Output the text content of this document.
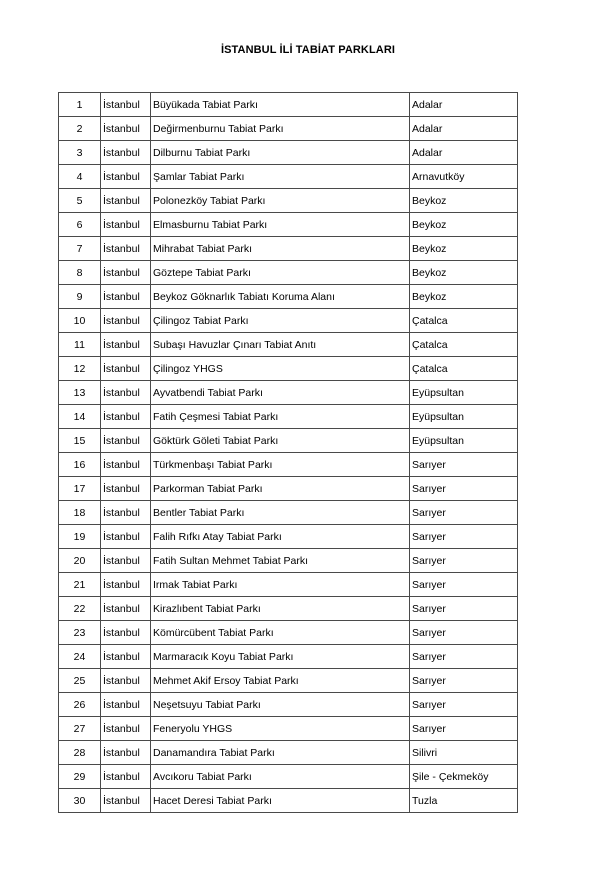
İSTANBUL İLİ TABİAT PARKLARI
1	İstanbul	Büyükada Tabiat Parkı	Adalar
2	İstanbul	Değirmenburnu Tabiat Parkı	Adalar
3	İstanbul	Dilburnu Tabiat Parkı	Adalar
4	İstanbul	Şamlar Tabiat Parkı	Arnavutköy
5	İstanbul	Polonezköy Tabiat Parkı	Beykoz
6	İstanbul	Elmasburnu Tabiat Parkı	Beykoz
7	İstanbul	Mihrabat Tabiat Parkı	Beykoz
8	İstanbul	Göztepe Tabiat Parkı	Beykoz
9	İstanbul	Beykoz Göknarlık Tabiatı Koruma Alanı	Beykoz
10	İstanbul	Çilingoz Tabiat Parkı	Çatalca
11	İstanbul	Subaşı Havuzlar Çınarı Tabiat Anıtı	Çatalca
12	İstanbul	Çilingoz YHGS	Çatalca
13	İstanbul	Ayvatbendi Tabiat Parkı	Eyüpsultan
14	İstanbul	Fatih Çeşmesi Tabiat Parkı	Eyüpsultan
15	İstanbul	Göktürk Göleti Tabiat Parkı	Eyüpsultan
16	İstanbul	Türkmenbaşı Tabiat Parkı	Sarıyer
17	İstanbul	Parkorman Tabiat Parkı	Sarıyer
18	İstanbul	Bentler Tabiat Parkı	Sarıyer
19	İstanbul	Falih Rıfkı Atay Tabiat Parkı	Sarıyer
20	İstanbul	Fatih Sultan Mehmet Tabiat Parkı	Sarıyer
21	İstanbul	Irmak Tabiat Parkı	Sarıyer
22	İstanbul	Kirazlıbent Tabiat Parkı	Sarıyer
23	İstanbul	Kömürcübent Tabiat Parkı	Sarıyer
24	İstanbul	Marmaracık Koyu Tabiat Parkı	Sarıyer
25	İstanbul	Mehmet Akif Ersoy Tabiat Parkı	Sarıyer
26	İstanbul	Neşetsuyu Tabiat Parkı	Sarıyer
27	İstanbul	Feneryolu YHGS	Sarıyer
28	İstanbul	Danamandıra Tabiat Parkı	Silivri
29	İstanbul	Avcıkoru Tabiat Parkı	Şile - Çekmeköy
30	İstanbul	Hacet Deresi Tabiat Parkı	Tuzla
